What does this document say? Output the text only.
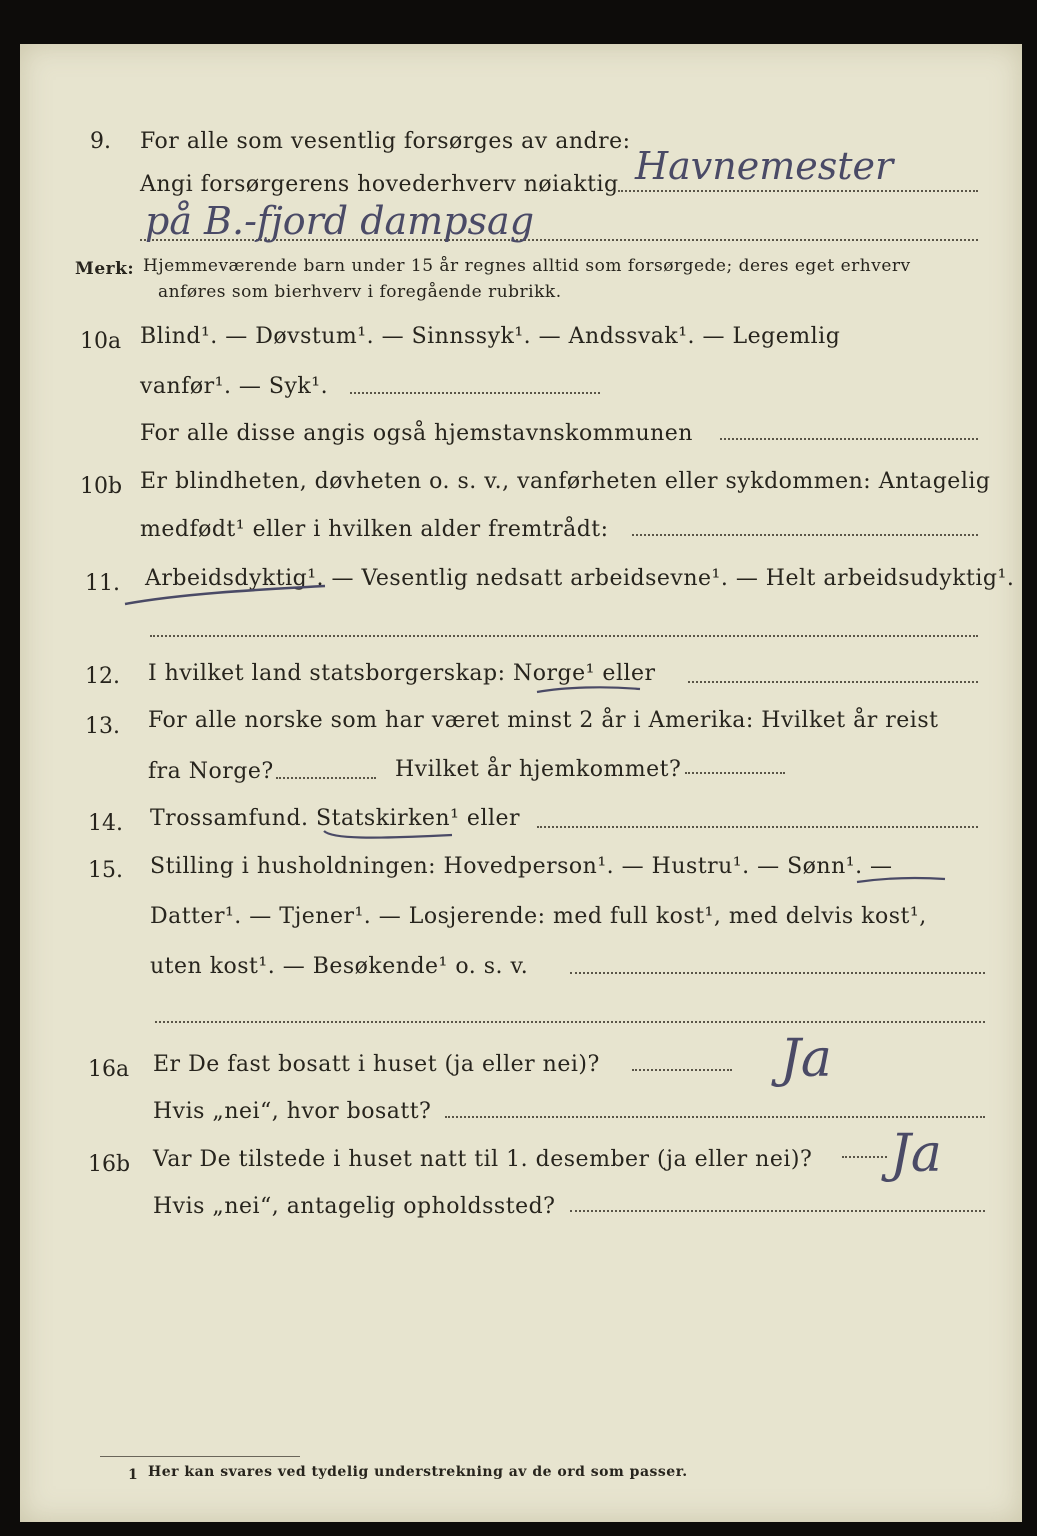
9. For alle som vesentlig forsørges av andre:
Angi forsørgerens hovederhverv nøiaktig Havnemester
på B.-fjord dampsag
Merk: Hjemmeværende barn under 15 år regnes alltid som forsørgede; deres eget erhverv
anføres som bierhverv i foregående rubrikk.
10a Blind¹. — Døvstum¹. — Sinnssyk¹. — Andssvak¹. — Legemlig
vanfør¹. — Syk¹.
For alle disse angis også hjemstavnskommunen
10b Er blindheten, døvheten o. s. v., vanførheten eller sykdommen: Antagelig
medfødt¹ eller i hvilken alder fremtrådt:
11. Arbeidsdyktig¹. — Vesentlig nedsatt arbeidsevne¹. — Helt arbeidsudyktig¹.
12. I hvilket land statsborgerskap: Norge¹ eller
13. For alle norske som har været minst 2 år i Amerika: Hvilket år reist
fra Norge?	Hvilket år hjemkommet?
14. Trossamfund. Statskirken¹ eller
15. Stilling i husholdningen: Hovedperson¹. — Hustru¹. — Sønn¹. —
Datter¹. — Tjener¹. — Losjerende: med full kost¹, med delvis kost¹,
uten kost¹. — Besøkende¹ o. s. v.
16a Er De fast bosatt i huset (ja eller nei)?	Ja
Hvis „nei“, hvor bosatt?
16b Var De tilstede i huset natt til 1. desember (ja eller nei)? Ja
Hvis „nei“, antagelig opholdssted?
1 Her kan svares ved tydelig understrekning av de ord som passer.
